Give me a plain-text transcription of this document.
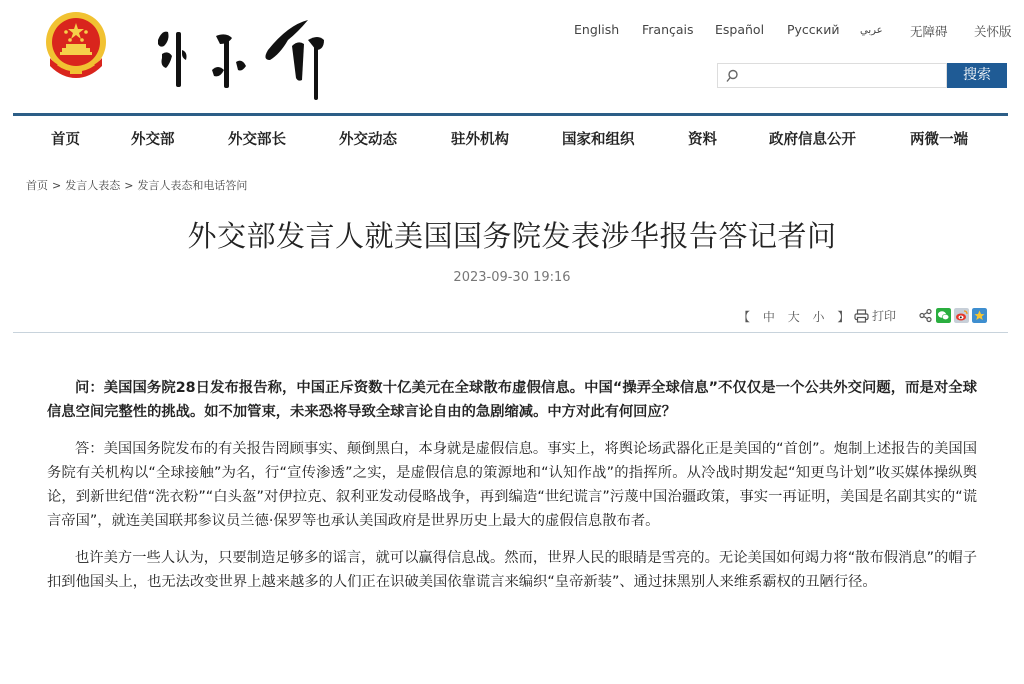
English Français Español Русский عربي 无障碍 关怀版
搜索
首页	外交部	外交部长	外交动态	驻外机构	国家和组织	资料	政府信息公开	两微一端
首页 > 发言人表态 > 发言人表态和电话答问
外交部发言人就美国国务院发表涉华报告答记者问
2023-09-30 19:16
【 中 大 小 】	打印

问：美国国务院28日发布报告称，中国正斥资数十亿美元在全球散布虚假信息。中国“操弄全球信息”不仅仅是一个公共外交问题，而是对全球信息空间完整性的挑战。如不加管束，未来恐将导致全球言论自由的急剧缩减。中方对此有何回应？

答：美国国务院发布的有关报告罔顾事实、颠倒黑白，本身就是虚假信息。事实上，将舆论场武器化正是美国的“首创”。炮制上述报告的美国国务院有关机构以“全球接触”为名，行“宣传渗透”之实，是虚假信息的策源地和“认知作战”的指挥所。从冷战时期发起“知更鸟计划”收买媒体操纵舆论，到新世纪借“洗衣粉”“白头盔”对伊拉克、叙利亚发动侵略战争，再到编造“世纪谎言”污蔑中国治疆政策，事实一再证明，美国是名副其实的“谎言帝国”，就连美国联邦参议员兰德·保罗等也承认美国政府是世界历史上最大的虚假信息散布者。

也许美方一些人认为，只要制造足够多的谣言，就可以赢得信息战。然而，世界人民的眼睛是雪亮的。无论美国如何竭力将“散布假消息”的帽子扣到他国头上，也无法改变世界上越来越多的人们正在识破美国依靠谎言来编织“皇帝新装”、通过抹黑别人来维系霸权的丑陋行径。
